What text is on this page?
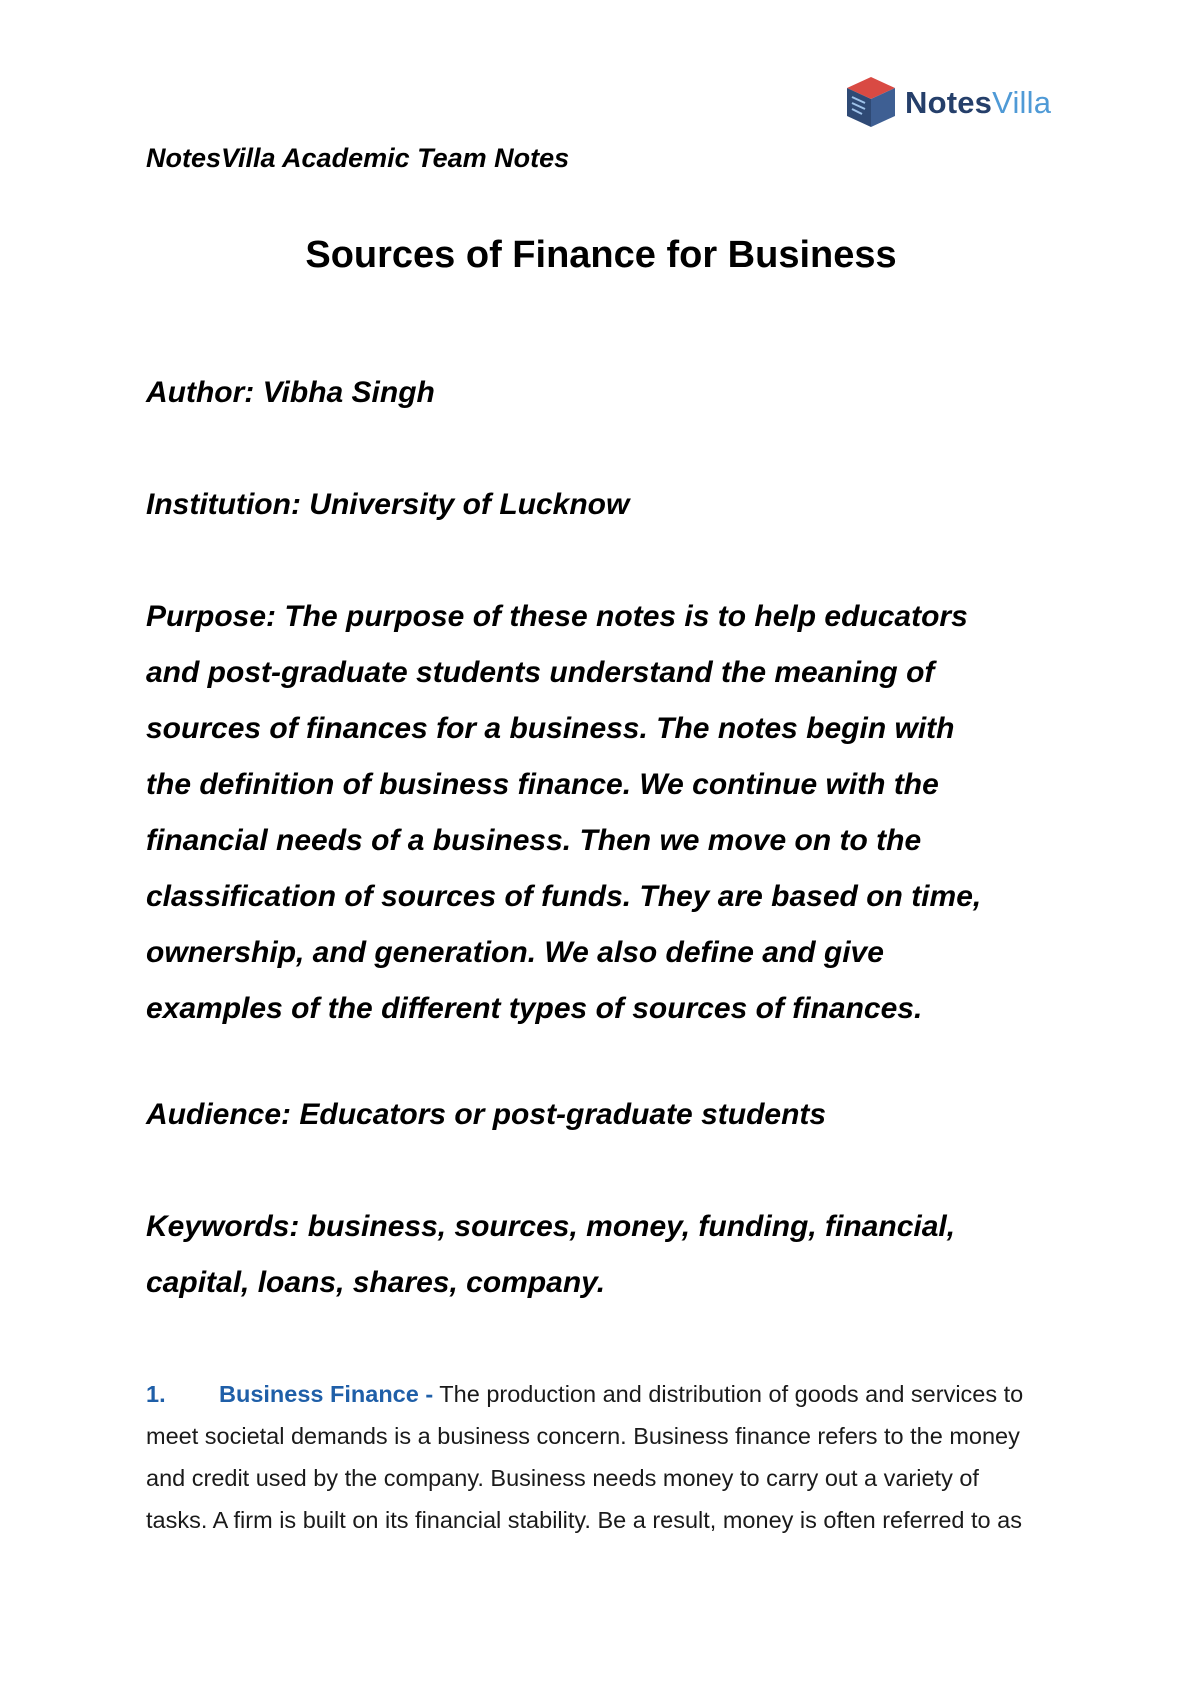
NotesVilla
NotesVilla Academic Team Notes
Sources of Finance for Business
Author: Vibha Singh
Institution: University of Lucknow
Purpose: The purpose of these notes is to help educators
and post-graduate students understand the meaning of
sources of finances for a business. The notes begin with
the definition of business finance. We continue with the
financial needs of a business. Then we move on to the
classification of sources of funds. They are based on time,
ownership, and generation. We also define and give
examples of the different types of sources of finances.
Audience: Educators or post-graduate students
Keywords: business, sources, money, funding, financial,
capital, loans, shares, company.
1. Business Finance - The production and distribution of goods and services to
meet societal demands is a business concern. Business finance refers to the money
and credit used by the company. Business needs money to carry out a variety of
tasks. A firm is built on its financial stability. Be a result, money is often referred to as
